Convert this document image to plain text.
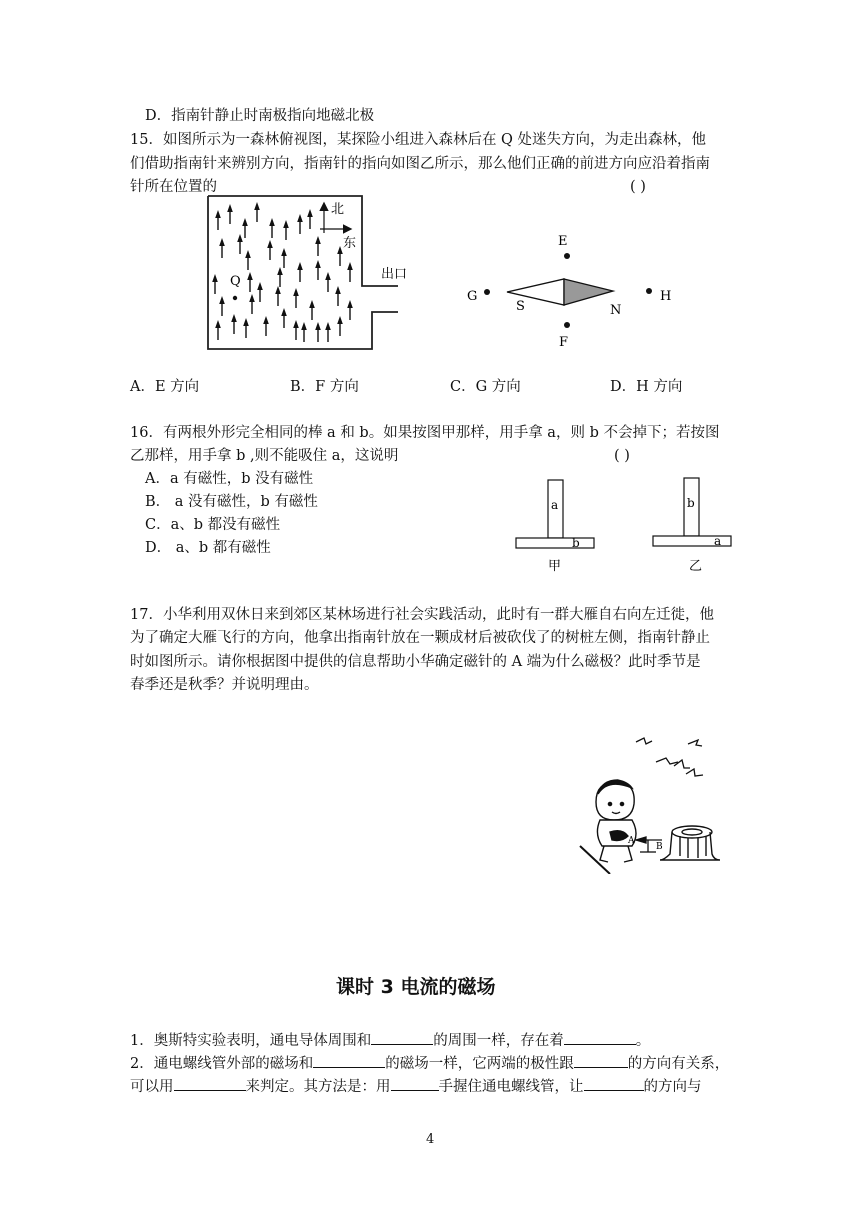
D．指南针静止时南极指向地磁北极
15．如图所示为一森林俯视图，某探险小组进入森林后在 Q 处迷失方向，为走出森林，他
们借助指南针来辨别方向，指南针的指向如图乙所示，那么他们正确的前进方向应沿着指南
针所在位置的	( )
北
东
Q	出口
E
G	H
S	N
F
A．E 方向	B．F 方向	C．G 方向	D．H 方向
16．有两根外形完全相同的棒 a 和 b。如果按图甲那样，用手拿 a，则 b 不会掉下；若按图
乙那样，用手拿 b ,则不能吸住 a，这说明	( )
A．a 有磁性，b 没有磁性
B． a 没有磁性，b 有磁性
C．a、b 都没有磁性
D． a、b 都有磁性
a
b
甲
b
a
乙
17．小华利用双休日来到郊区某林场进行社会实践活动，此时有一群大雁自右向左迁徙，他
为了确定大雁飞行的方向，他拿出指南针放在一颗成材后被砍伐了的树桩左侧，指南针静止
时如图所示。请你根据图中提供的信息帮助小华确定磁针的 A 端为什么磁极？此时季节是
春季还是秋季？并说明理由。
A
B
课时 3 电流的磁场
1．奥斯特实验表明，通电导体周围和	的周围一样，存在着	。
2．通电螺线管外部的磁场和	的磁场一样，它两端的极性跟	的方向有关系，
可以用	来判定。其方法是：用	手握住通电螺线管，让	的方向与
4
